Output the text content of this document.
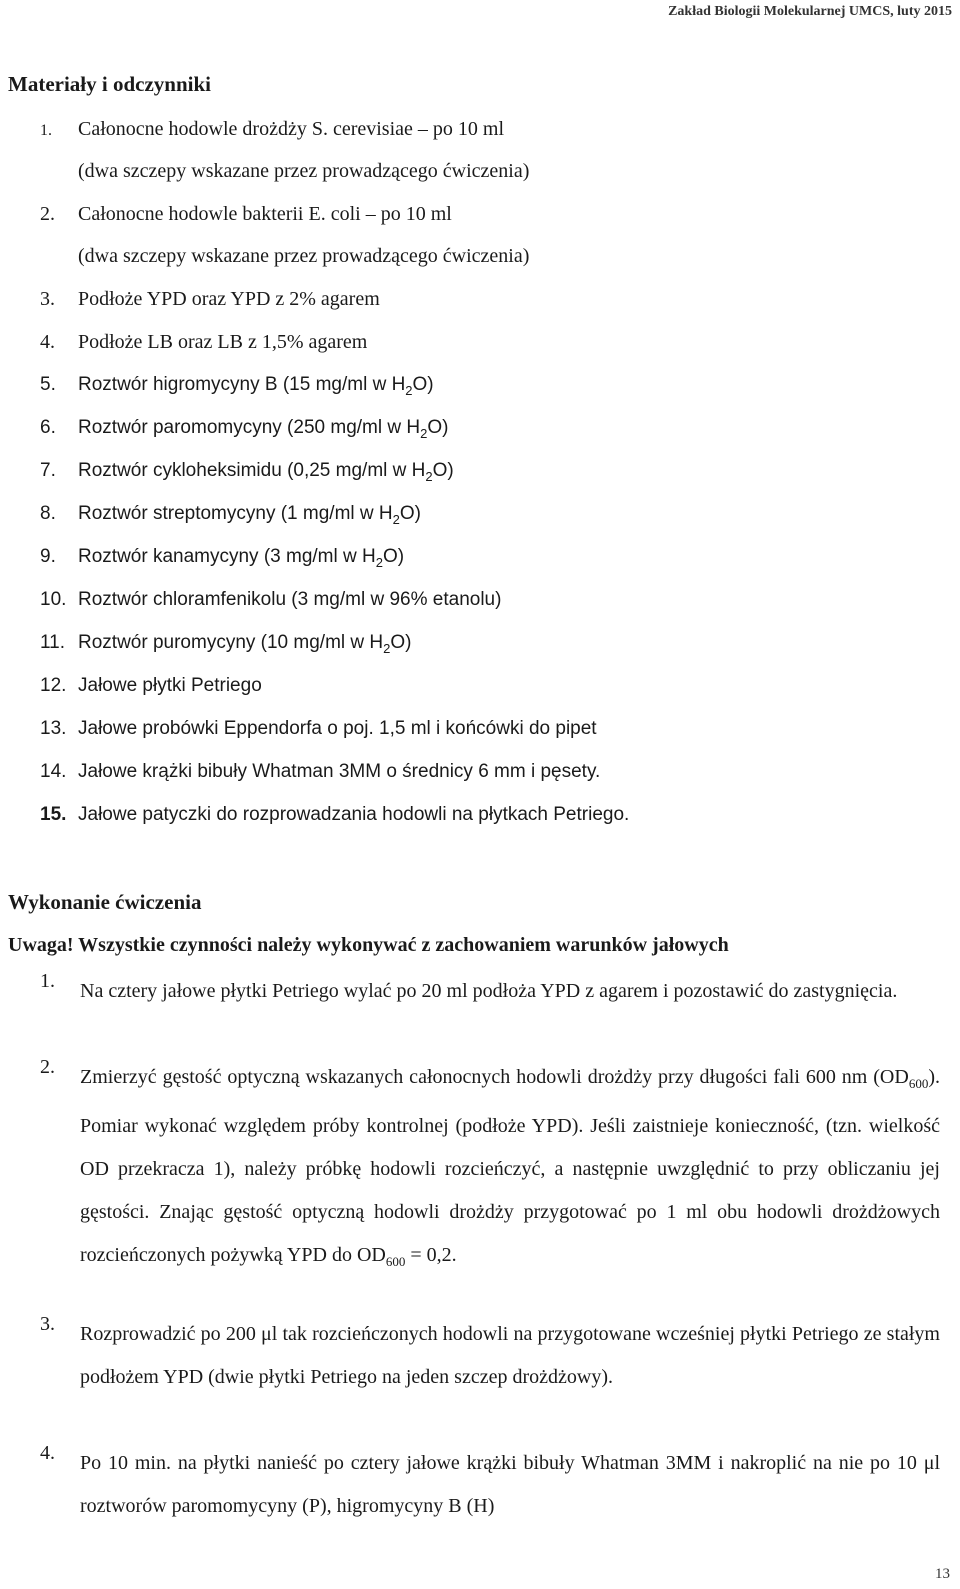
Zakład Biologii Molekularnej UMCS, luty 2015
Materiały i odczynniki
1. Całonocne hodowle drożdży S. cerevisiae – po 10 ml
(dwa szczepy wskazane przez prowadzącego ćwiczenia)
2. Całonocne hodowle bakterii E. coli – po 10 ml
(dwa szczepy wskazane przez prowadzącego ćwiczenia)
3. Podłoże YPD oraz YPD z 2% agarem
4. Podłoże LB oraz LB z 1,5% agarem
5. Roztwór higromycyny B (15 mg/ml w $H_2O$)
6. Roztwór paromomycyny (250 mg/ml w $H_2O$)
7. Roztwór cykloheksimidu (0,25 mg/ml w $H_2O$)
8. Roztwór streptomycyny (1 mg/ml w $H_2O$)
9. Roztwór kanamycyny (3 mg/ml w $H_2O$)
10. Roztwór chloramfenikolu (3 mg/ml w 96% etanolu)
11. Roztwór puromycyny (10 mg/ml w $H_2O$)
12. Jałowe płytki Petriego
13. Jałowe probówki Eppendorfa o poj. 1,5 ml i końcówki do pipet
14. Jałowe krążki bibuły Whatman 3MM o średnicy 6 mm i pęsety.
15. Jałowe patyczki do rozprowadzania hodowli na płytkach Petriego.
Wykonanie ćwiczenia
Uwaga! Wszystkie czynności należy wykonywać z zachowaniem warunków jałowych
1. Na cztery jałowe płytki Petriego wylać po 20 ml podłoża YPD z agarem i pozostawić do zastygnięcia.
2. Zmierzyć gęstość optyczną wskazanych całonocnych hodowli drożdży przy długości fali 600 nm $(OD_{600})$. Pomiar wykonać względem próby kontrolnej (podłoże YPD). Jeśli zaistnieje konieczność, (tzn. wielkość OD przekracza 1), należy próbkę hodowli rozcieńczyć, a następnie uwzględnić to przy obliczaniu jej gęstości. Znając gęstość optyczną hodowli drożdży przygotować po 1 ml obu hodowli drożdżowych rozcieńczonych pożywką YPD do $OD_{600} = 0,2$.
3. Rozprowadzić po 200 μl tak rozcieńczonych hodowli na przygotowane wcześniej płytki Petriego ze stałym podłożem YPD (dwie płytki Petriego na jeden szczep drożdżowy).
4. Po 10 min. na płytki nanieść po cztery jałowe krążki bibuły Whatman 3MM i nakroplić na nie po 10 μl roztworów paromomycyny (P), higromycyny B (H)
13
